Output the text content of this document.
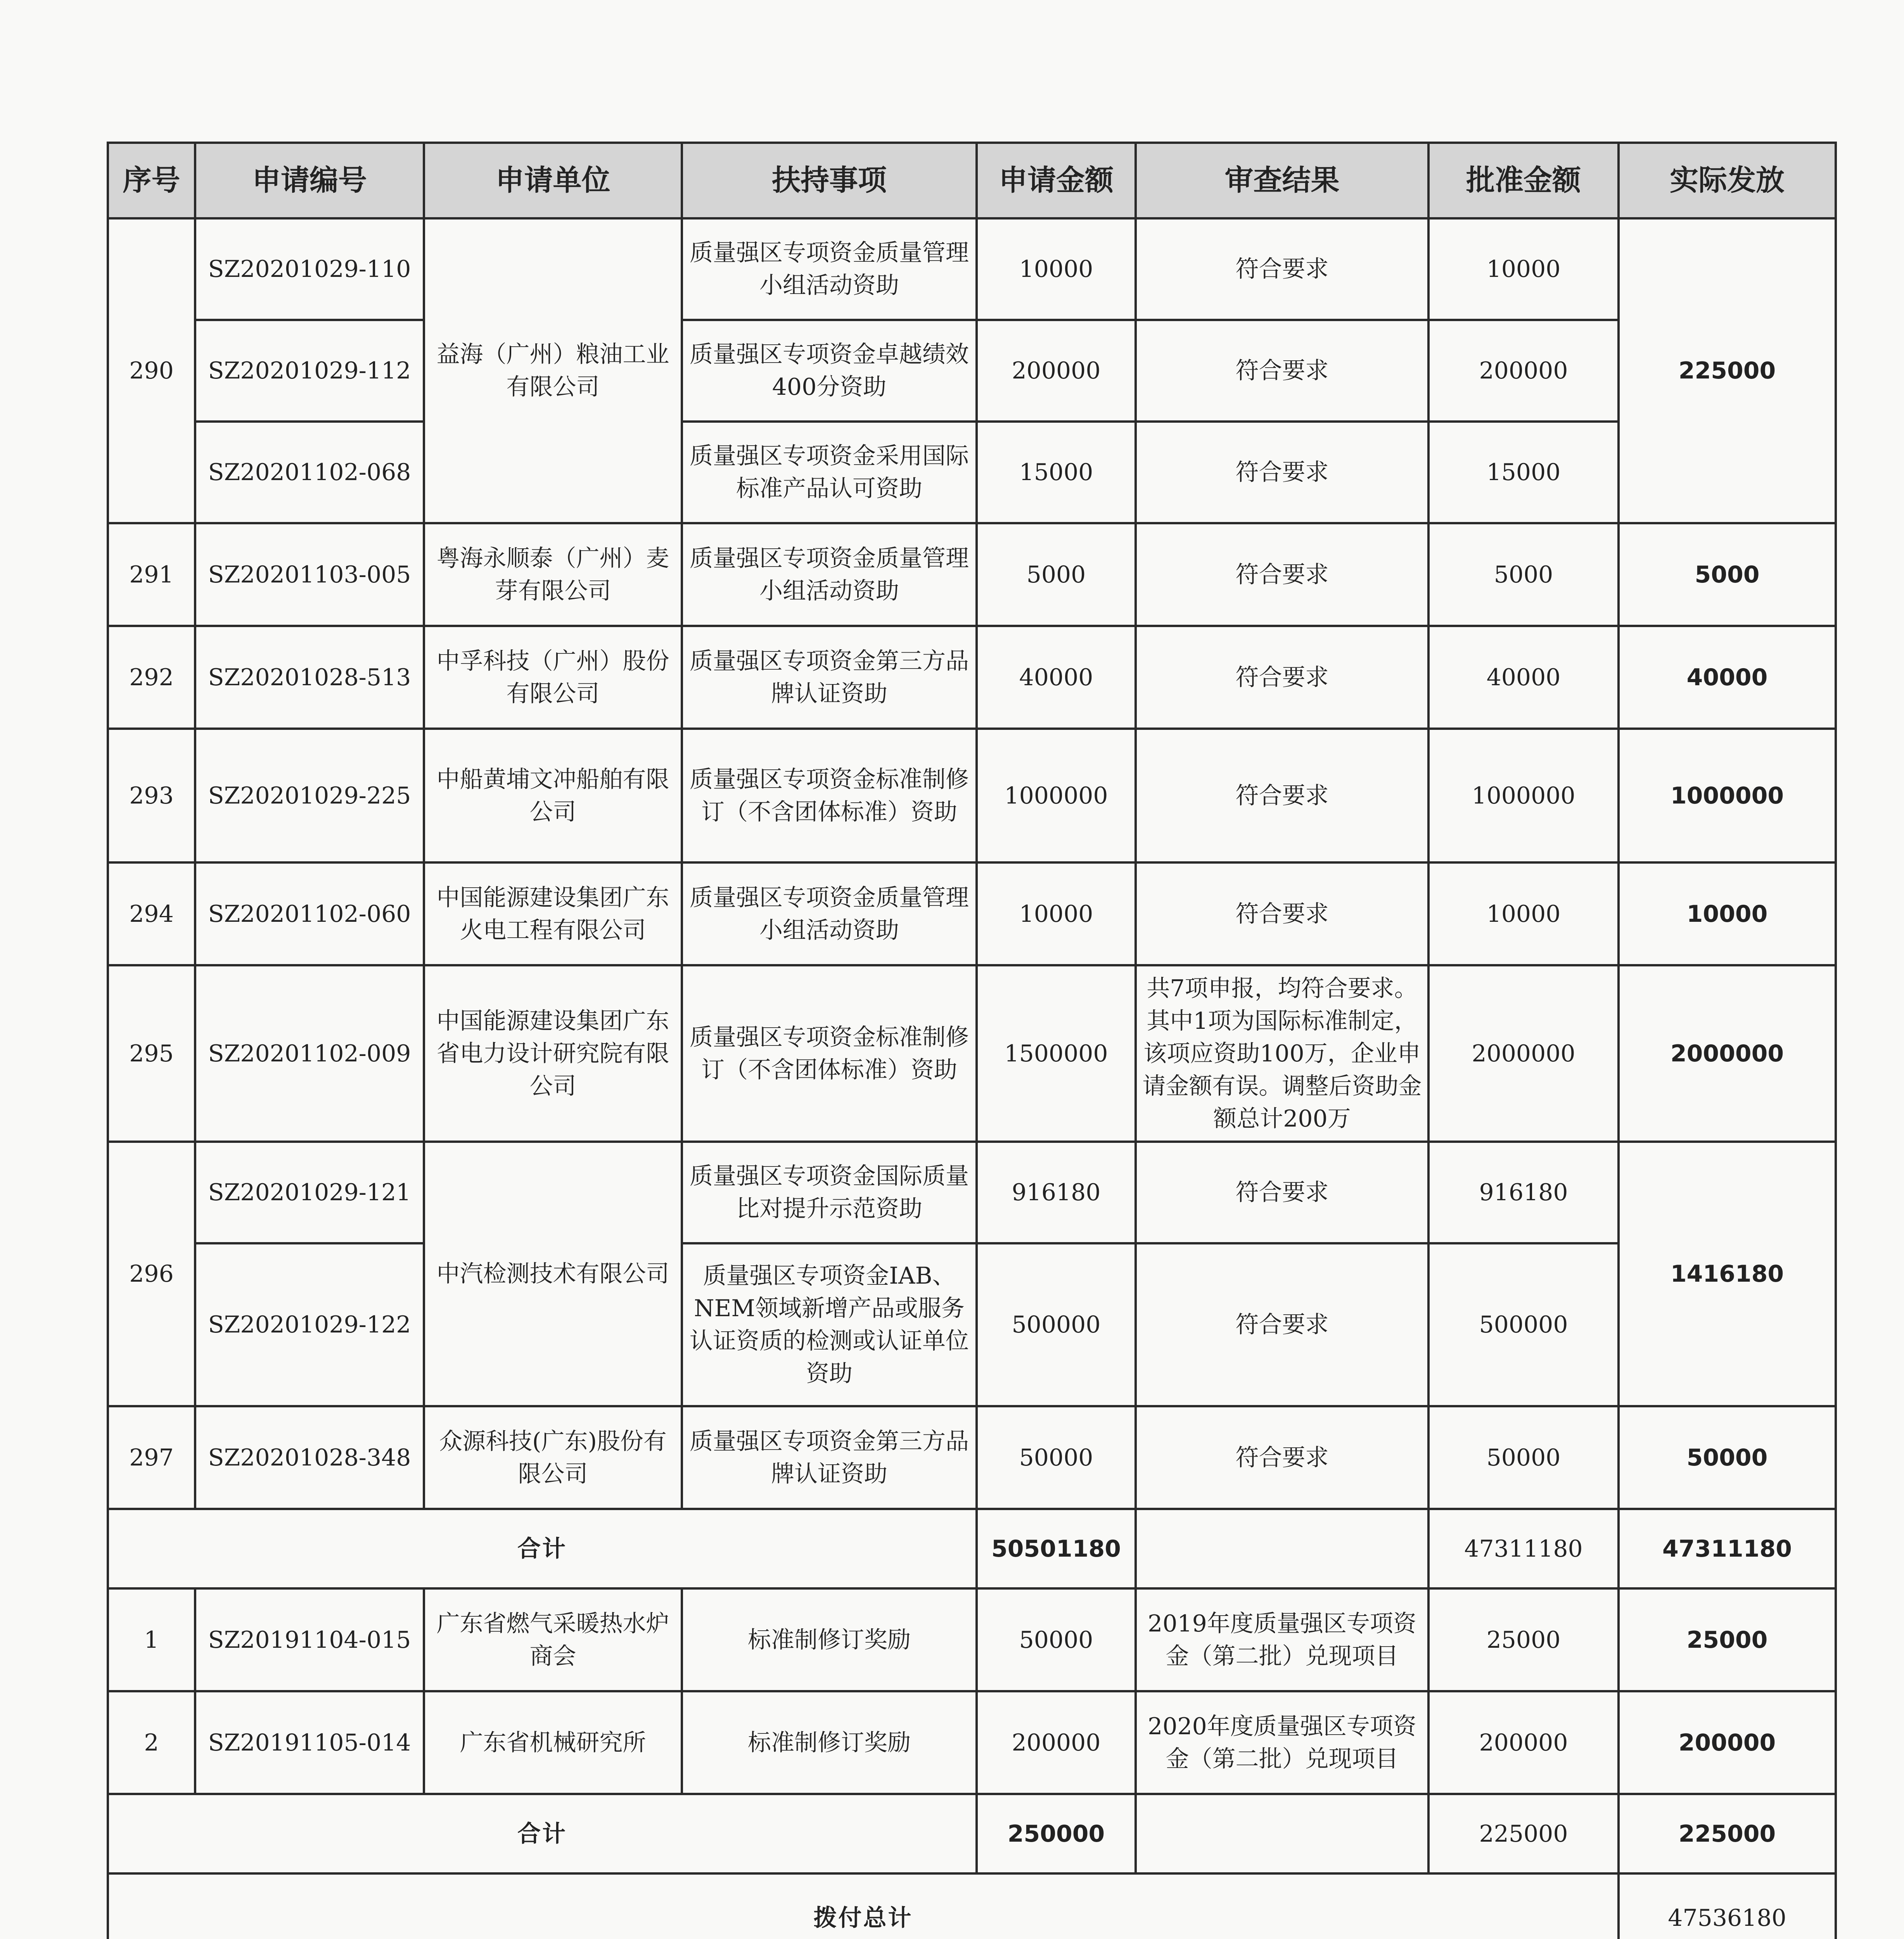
序号	申请编号	申请单位	扶持事项	申请金额	审查结果	批准金额	实际发放
290	SZ20201029-110	益海（广州）粮油工业有限公司	质量强区专项资金质量管理小组活动资助	10000	符合要求	10000	225000
	SZ20201029-112		质量强区专项资金卓越绩效400分资助	200000	符合要求	200000	
	SZ20201102-068		质量强区专项资金采用国际标准产品认可资助	15000	符合要求	15000	
291	SZ20201103-005	粤海永顺泰（广州）麦芽有限公司	质量强区专项资金质量管理小组活动资助	5000	符合要求	5000	5000
292	SZ20201028-513	中孚科技（广州）股份有限公司	质量强区专项资金第三方品牌认证资助	40000	符合要求	40000	40000
293	SZ20201029-225	中船黄埔文冲船舶有限公司	质量强区专项资金标准制修订（不含团体标准）资助	1000000	符合要求	1000000	1000000
294	SZ20201102-060	中国能源建设集团广东火电工程有限公司	质量强区专项资金质量管理小组活动资助	10000	符合要求	10000	10000
295	SZ20201102-009	中国能源建设集团广东省电力设计研究院有限公司	质量强区专项资金标准制修订（不含团体标准）资助	1500000	共7项申报，均符合要求。其中1项为国际标准制定，该项应资助100万，企业申请金额有误。调整后资助金额总计200万	2000000	2000000
296	SZ20201029-121	中汽检测技术有限公司	质量强区专项资金国际质量比对提升示范资助	916180	符合要求	916180	1416180
	SZ20201029-122		质量强区专项资金IAB、NEM领域新增产品或服务认证资质的检测或认证单位资助	500000	符合要求	500000	
297	SZ20201028-348	众源科技(广东)股份有限公司	质量强区专项资金第三方品牌认证资助	50000	符合要求	50000	50000
合计				50501180		47311180	47311180
1	SZ20191104-015	广东省燃气采暖热水炉商会	标准制修订奖励	50000	2019年度质量强区专项资金（第二批）兑现项目	25000	25000
2	SZ20191105-014	广东省机械研究所	标准制修订奖励	200000	2020年度质量强区专项资金（第二批）兑现项目	200000	200000
合计				250000		225000	225000
拨付总计							47536180
